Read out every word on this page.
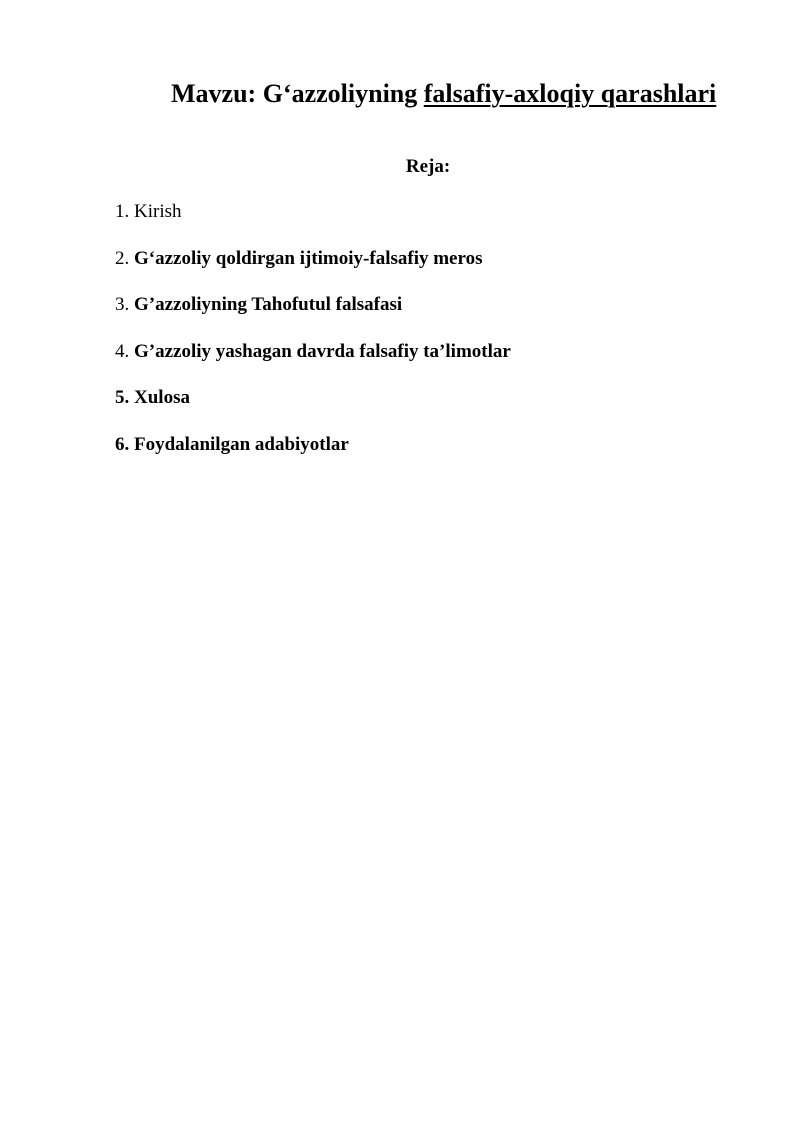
Mavzu: G‘azzoliyning falsafiy-axloqiy qarashlari
Reja:
1. Kirish
2. G‘azzoliy qoldirgan ijtimoiy-falsafiy meros
3. G’azzoliyning Tahofutul falsafasi
4. G’azzoliy yashagan davrda falsafiy ta’limotlar
5. Xulosa
6. Foydalanilgan adabiyotlar
